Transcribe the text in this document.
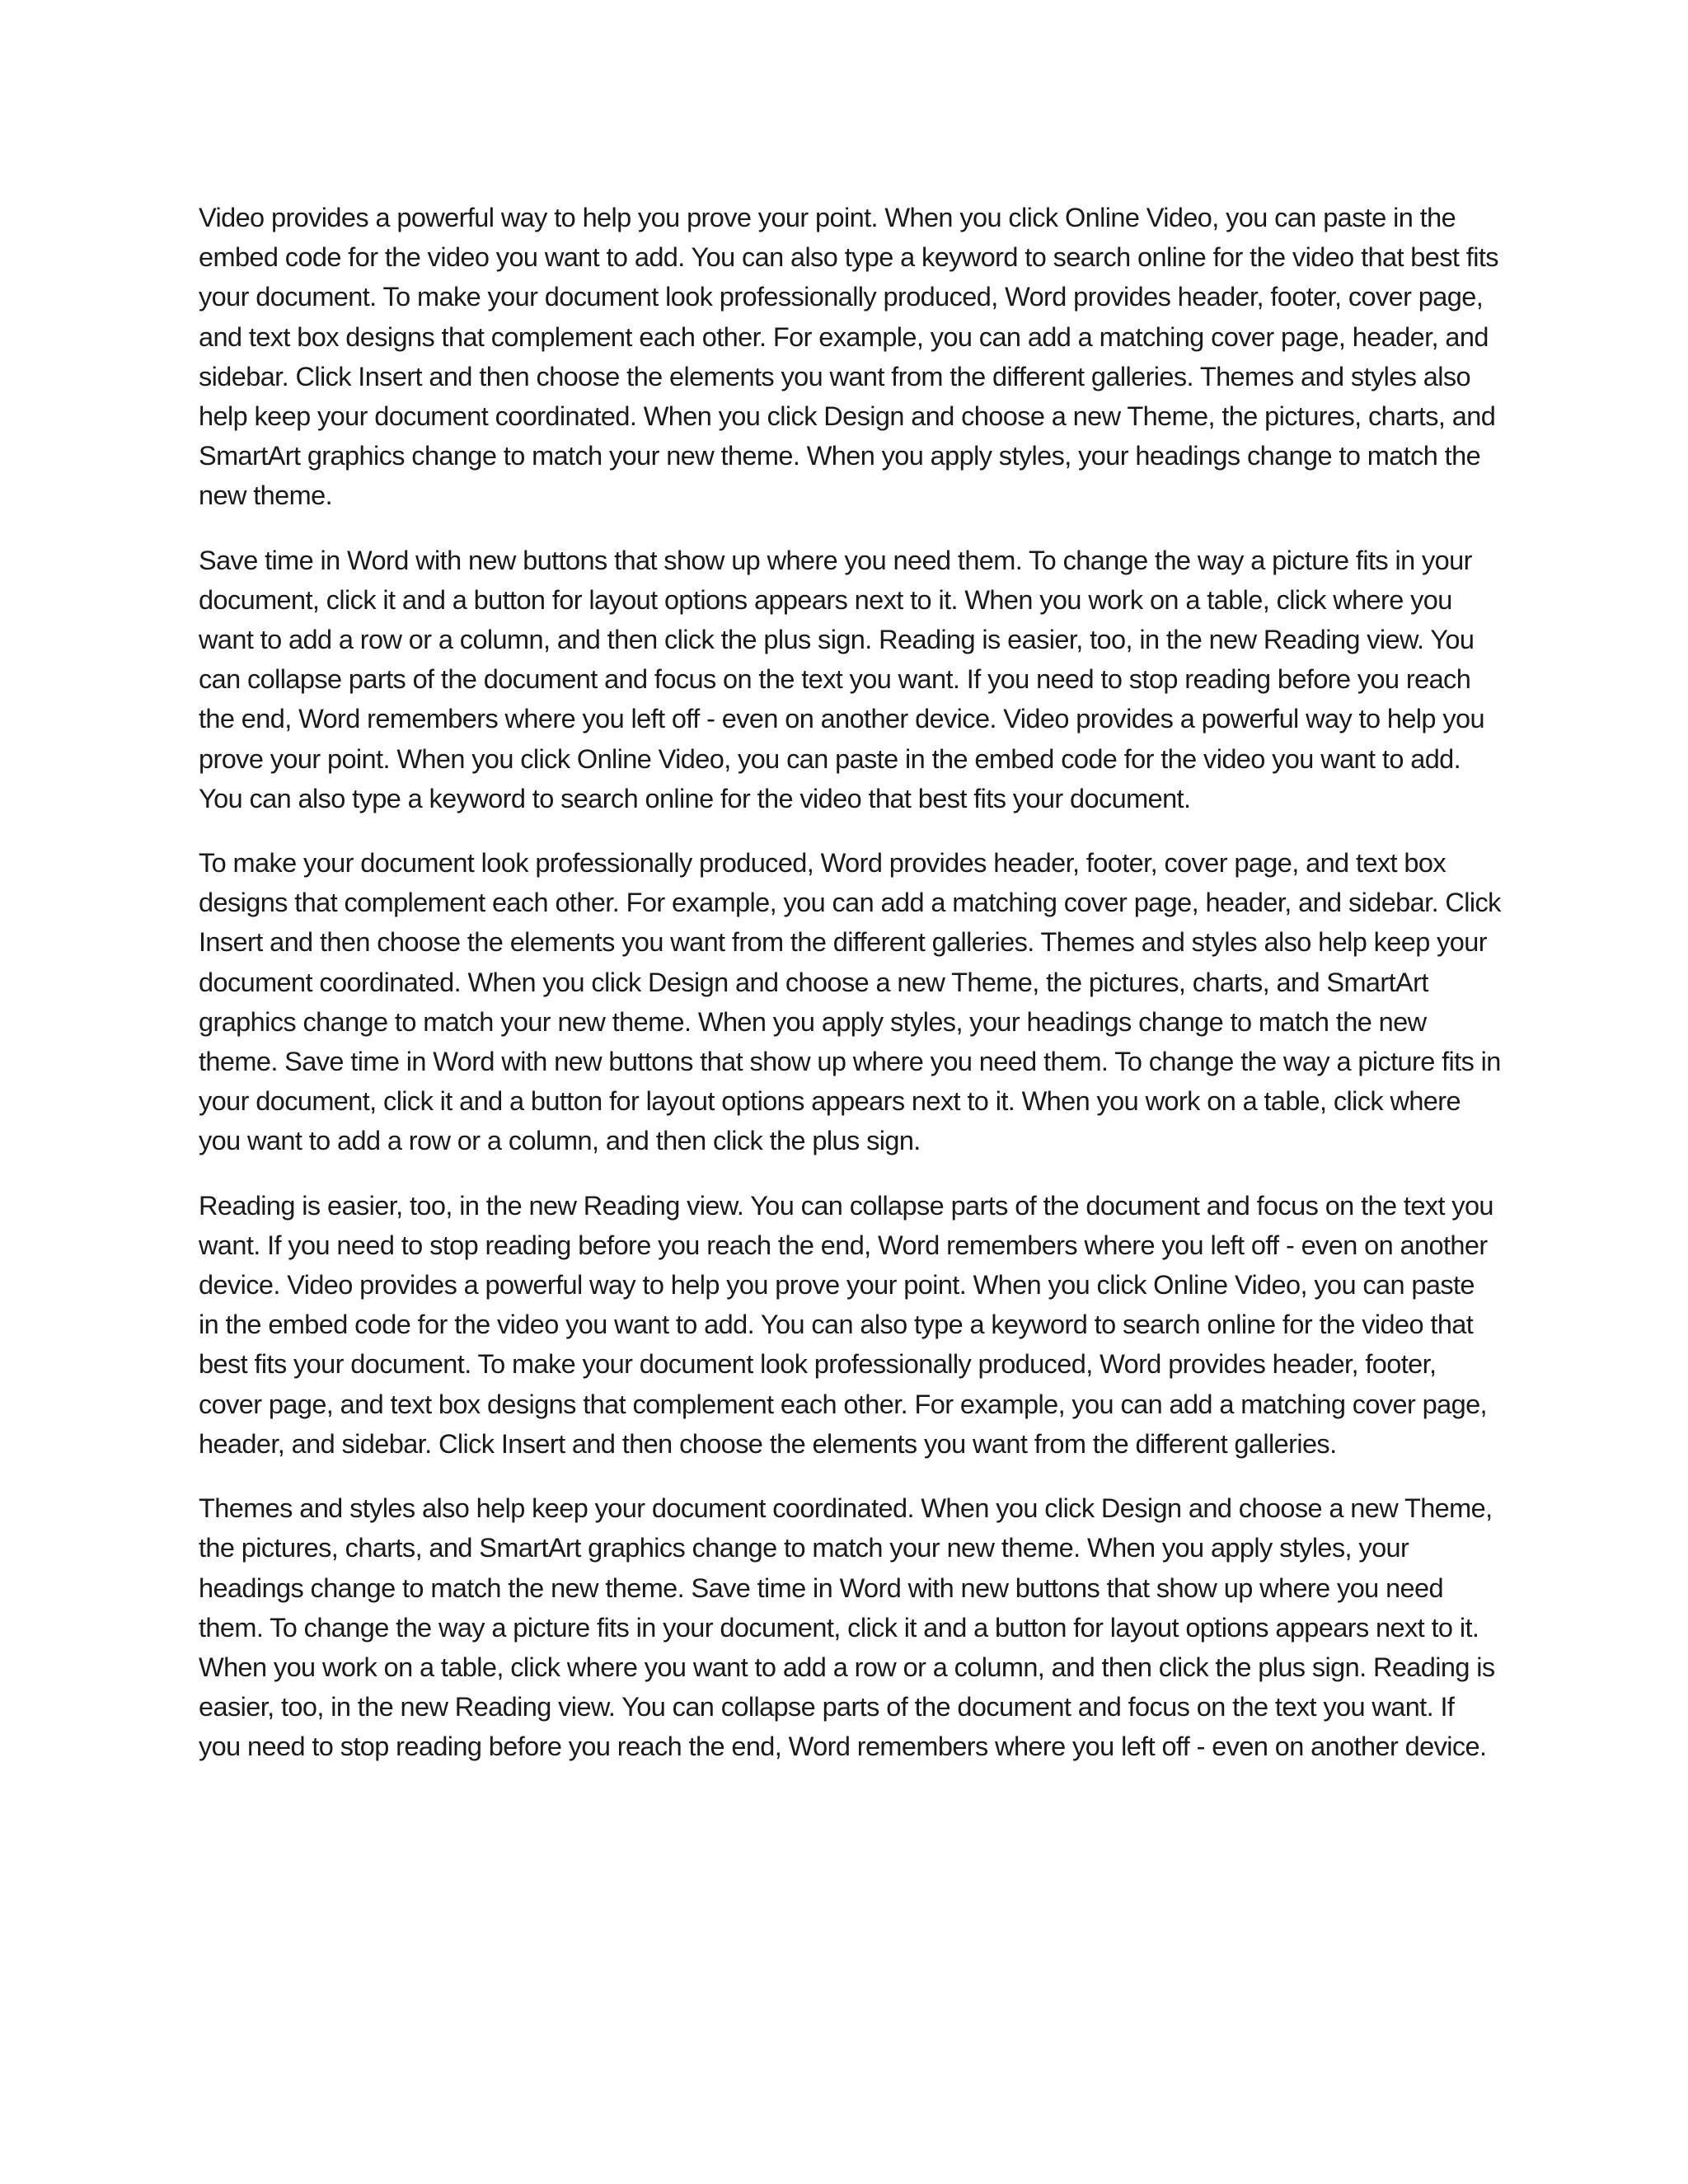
Video provides a powerful way to help you prove your point. When you click Online Video, you can paste in the embed code for the video you want to add. You can also type a keyword to search online for the video that best fits your document. To make your document look professionally produced, Word provides header, footer, cover page, and text box designs that complement each other. For example, you can add a matching cover page, header, and sidebar. Click Insert and then choose the elements you want from the different galleries. Themes and styles also help keep your document coordinated. When you click Design and choose a new Theme, the pictures, charts, and SmartArt graphics change to match your new theme. When you apply styles, your headings change to match the new theme.

Save time in Word with new buttons that show up where you need them. To change the way a picture fits in your document, click it and a button for layout options appears next to it. When you work on a table, click where you want to add a row or a column, and then click the plus sign. Reading is easier, too, in the new Reading view. You can collapse parts of the document and focus on the text you want. If you need to stop reading before you reach the end, Word remembers where you left off - even on another device. Video provides a powerful way to help you prove your point. When you click Online Video, you can paste in the embed code for the video you want to add. You can also type a keyword to search online for the video that best fits your document.

To make your document look professionally produced, Word provides header, footer, cover page, and text box designs that complement each other. For example, you can add a matching cover page, header, and sidebar. Click Insert and then choose the elements you want from the different galleries. Themes and styles also help keep your document coordinated. When you click Design and choose a new Theme, the pictures, charts, and SmartArt graphics change to match your new theme. When you apply styles, your headings change to match the new theme. Save time in Word with new buttons that show up where you need them. To change the way a picture fits in your document, click it and a button for layout options appears next to it. When you work on a table, click where you want to add a row or a column, and then click the plus sign.

Reading is easier, too, in the new Reading view. You can collapse parts of the document and focus on the text you want. If you need to stop reading before you reach the end, Word remembers where you left off - even on another device. Video provides a powerful way to help you prove your point. When you click Online Video, you can paste in the embed code for the video you want to add. You can also type a keyword to search online for the video that best fits your document. To make your document look professionally produced, Word provides header, footer, cover page, and text box designs that complement each other. For example, you can add a matching cover page, header, and sidebar. Click Insert and then choose the elements you want from the different galleries.

Themes and styles also help keep your document coordinated. When you click Design and choose a new Theme, the pictures, charts, and SmartArt graphics change to match your new theme. When you apply styles, your headings change to match the new theme. Save time in Word with new buttons that show up where you need them. To change the way a picture fits in your document, click it and a button for layout options appears next to it. When you work on a table, click where you want to add a row or a column, and then click the plus sign. Reading is easier, too, in the new Reading view. You can collapse parts of the document and focus on the text you want. If you need to stop reading before you reach the end, Word remembers where you left off - even on another device.
